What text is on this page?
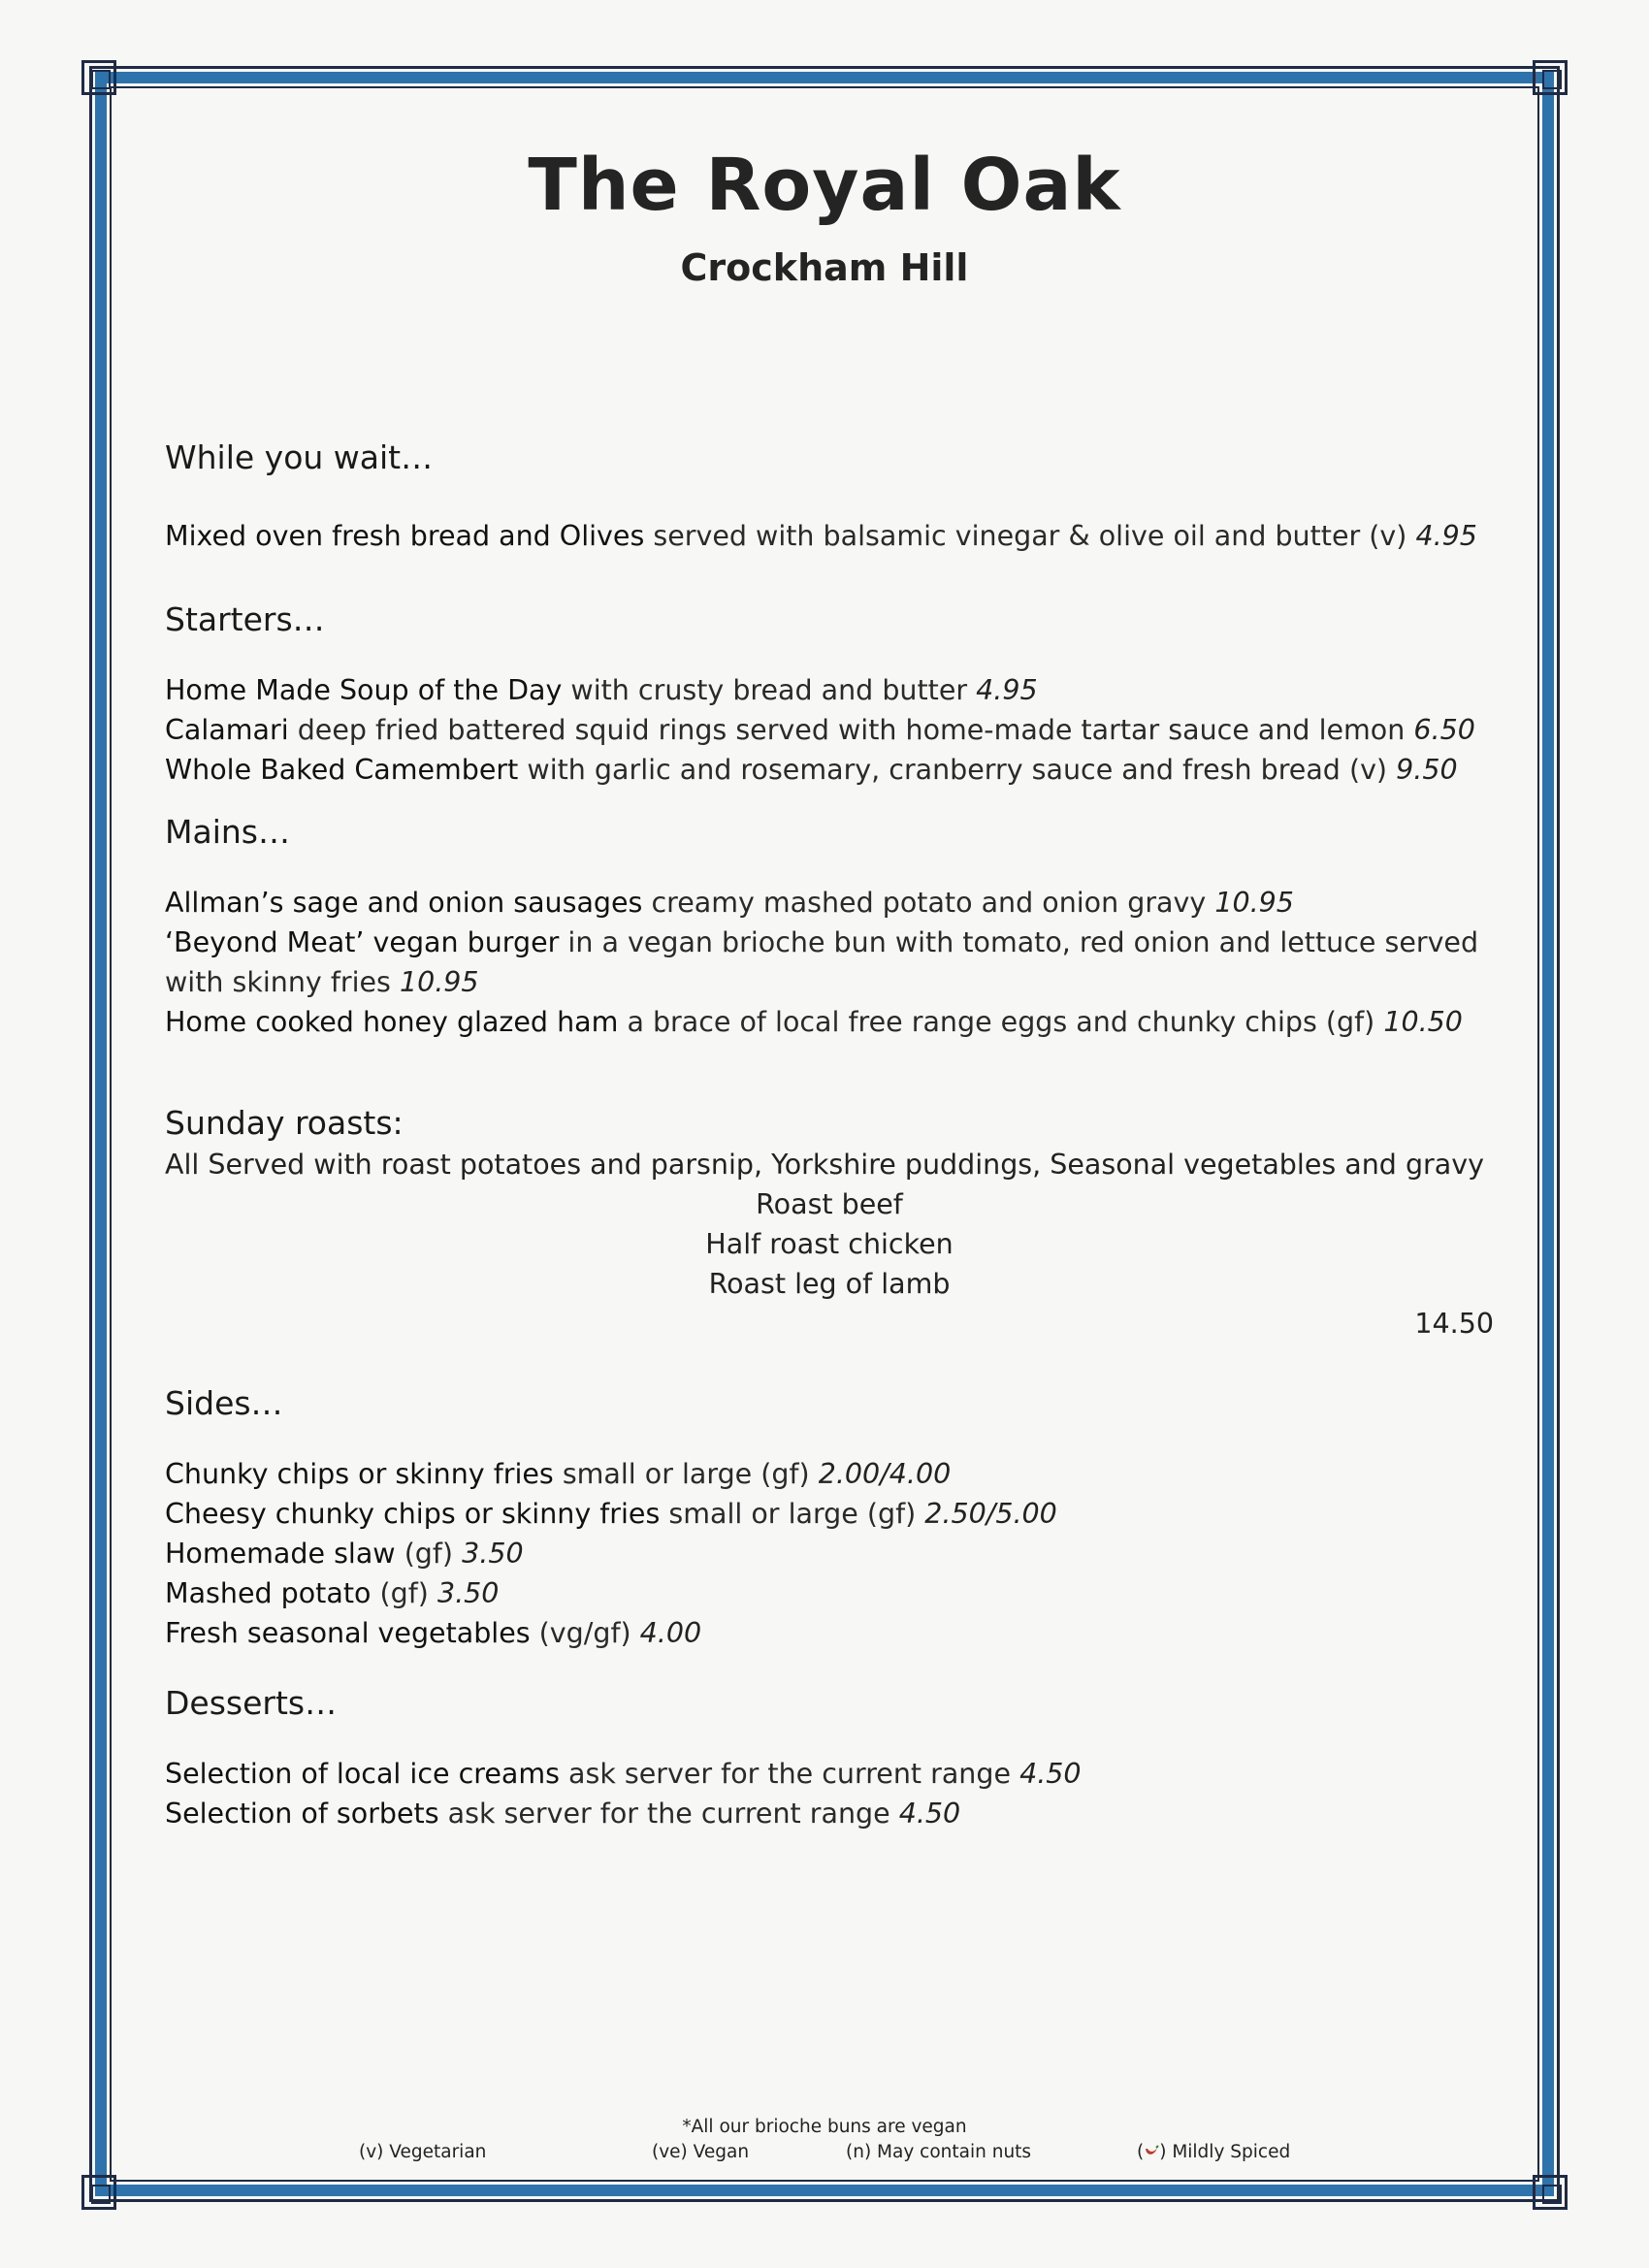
The Royal Oak
Crockham Hill

While you wait…

Mixed oven fresh bread and Olives served with balsamic vinegar & olive oil and butter (v) 4.95

Starters…

Home Made Soup of the Day with crusty bread and butter 4.95

Calamari deep fried battered squid rings served with home-made tartar sauce and lemon 6.50

Whole Baked Camembert with garlic and rosemary, cranberry sauce and fresh bread (v) 9.50

Mains…

Allman’s sage and onion sausages creamy mashed potato and onion gravy 10.95

‘Beyond Meat’ vegan burger in a vegan brioche bun with tomato, red onion and lettuce served with skinny fries 10.95

Home cooked honey glazed ham a brace of local free range eggs and chunky chips (gf) 10.50

Sunday roasts:

All Served with roast potatoes and parsnip, Yorkshire puddings, Seasonal vegetables and gravy

Roast beef

Half roast chicken

Roast leg of lamb

14.50

Sides…

Chunky chips or skinny fries small or large (gf) 2.00/4.00

Cheesy chunky chips or skinny fries small or large (gf) 2.50/5.00

Homemade slaw (gf) 3.50

Mashed potato (gf) 3.50

Fresh seasonal vegetables (vg/gf) 4.00

Desserts…

Selection of local ice creams ask server for the current range 4.50

Selection of sorbets ask server for the current range 4.50

*All our brioche buns are vegan
(v) Vegetarian	(ve) Vegan	(n) May contain nuts	( ) Mildly Spiced
